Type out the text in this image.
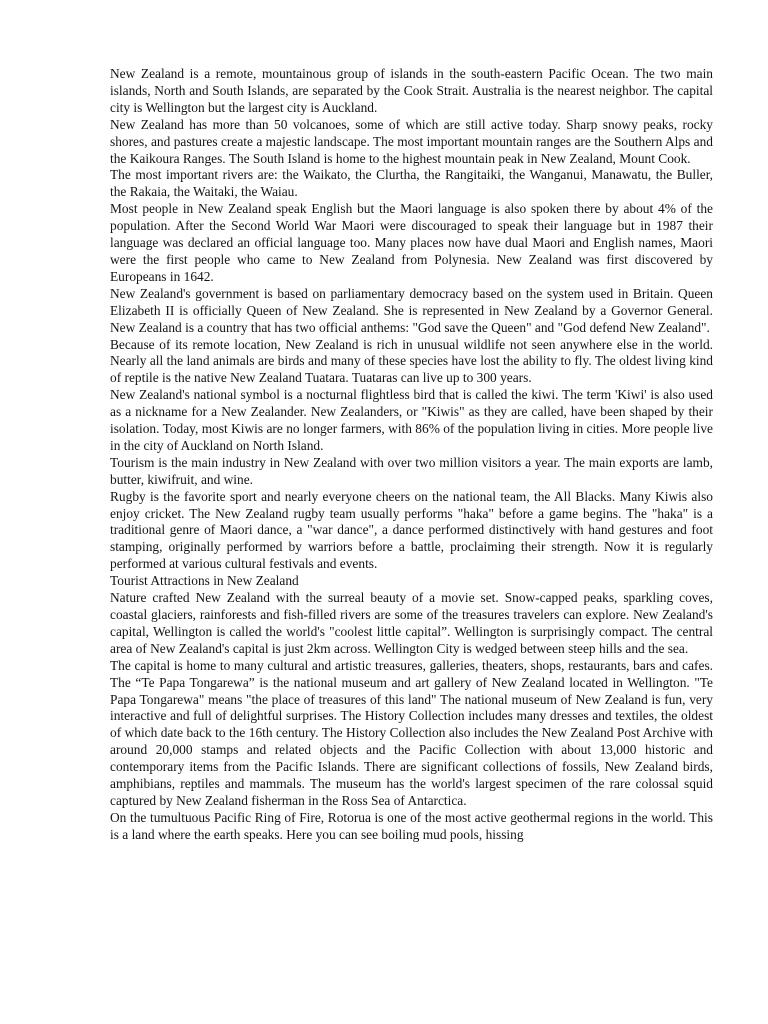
New Zealand is a remote, mountainous group of islands in the south-eastern Pacific Ocean. The two main islands, North and South Islands, are separated by the Cook Strait. Australia is the nearest neighbor. The capital city is Wellington but the largest city is Auckland.

New Zealand has more than 50 volcanoes, some of which are still active today. Sharp snowy peaks, rocky shores, and pastures create a majestic landscape. The most important mountain ranges are the Southern Alps and the Kaikoura Ranges. The South Island is home to the highest mountain peak in New Zealand, Mount Cook.

The most important rivers are: the Waikato, the Clurtha, the Rangitaiki, the Wanganui, Manawatu, the Buller, the Rakaia, the Waitaki, the Waiau.

Most people in New Zealand speak English but the Maori language is also spoken there by about 4% of the population. After the Second World War Maori were discouraged to speak their language but in 1987 their language was declared an official language too. Many places now have dual Maori and English names, Maori were the first people who came to New Zealand from Polynesia. New Zealand was first discovered by Europeans in 1642.

New Zealand's government is based on parliamentary democracy based on the system used in Britain. Queen Elizabeth II is officially Queen of New Zealand. She is represented in New Zealand by a Governor General. New Zealand is a country that has two official anthems: "God save the Queen" and "God defend New Zealand".

Because of its remote location, New Zealand is rich in unusual wildlife not seen anywhere else in the world. Nearly all the land animals are birds and many of these species have lost the ability to fly. The oldest living kind of reptile is the native New Zealand Tuatara. Tuataras can live up to 300 years.

New Zealand's national symbol is a nocturnal flightless bird that is called the kiwi. The term 'Kiwi' is also used as a nickname for a New Zealander. New Zealanders, or "Kiwis" as they are called, have been shaped by their isolation. Today, most Kiwis are no longer farmers, with 86% of the population living in cities. More people live in the city of Auckland on North Island.

Tourism is the main industry in New Zealand with over two million visitors a year. The main exports are lamb, butter, kiwifruit, and wine.

Rugby is the favorite sport and nearly everyone cheers on the national team, the All Blacks. Many Kiwis also enjoy cricket. The New Zealand rugby team usually performs "haka" before a game begins. The "haka" is a traditional genre of Maori dance, a "war dance", a dance performed distinctively with hand gestures and foot stamping, originally performed by warriors before a battle, proclaiming their strength. Now it is regularly performed at various cultural festivals and events.

Tourist Attractions in New Zealand

Nature crafted New Zealand with the surreal beauty of a movie set. Snow-capped peaks, sparkling coves, coastal glaciers, rainforests and fish-filled rivers are some of the treasures travelers can explore. New Zealand's capital, Wellington is called the world's "coolest little capital”. Wellington is surprisingly compact. The central area of New Zealand's capital is just 2km across. Wellington City is wedged between steep hills and the sea.

The capital is home to many cultural and artistic treasures, galleries, theaters, shops, restaurants, bars and cafes. The “Te Papa Tongarewa” is the national museum and art gallery of New Zealand located in Wellington. "Te Papa Tongarewa" means "the place of treasures of this land" The national museum of New Zealand is fun, very interactive and full of delightful surprises. The History Collection includes many dresses and textiles, the oldest of which date back to the 16th century. The History Collection also includes the New Zealand Post Archive with around 20,000 stamps and related objects and the Pacific Collection with about 13,000 historic and contemporary items from the Pacific Islands. There are significant collections of fossils, New Zealand birds, amphibians, reptiles and mammals. The museum has the world's largest specimen of the rare colossal squid captured by New Zealand fisherman in the Ross Sea of Antarctica.

On the tumultuous Pacific Ring of Fire, Rotorua is one of the most active geothermal regions in the world. This is a land where the earth speaks. Here you can see boiling mud pools, hissing
